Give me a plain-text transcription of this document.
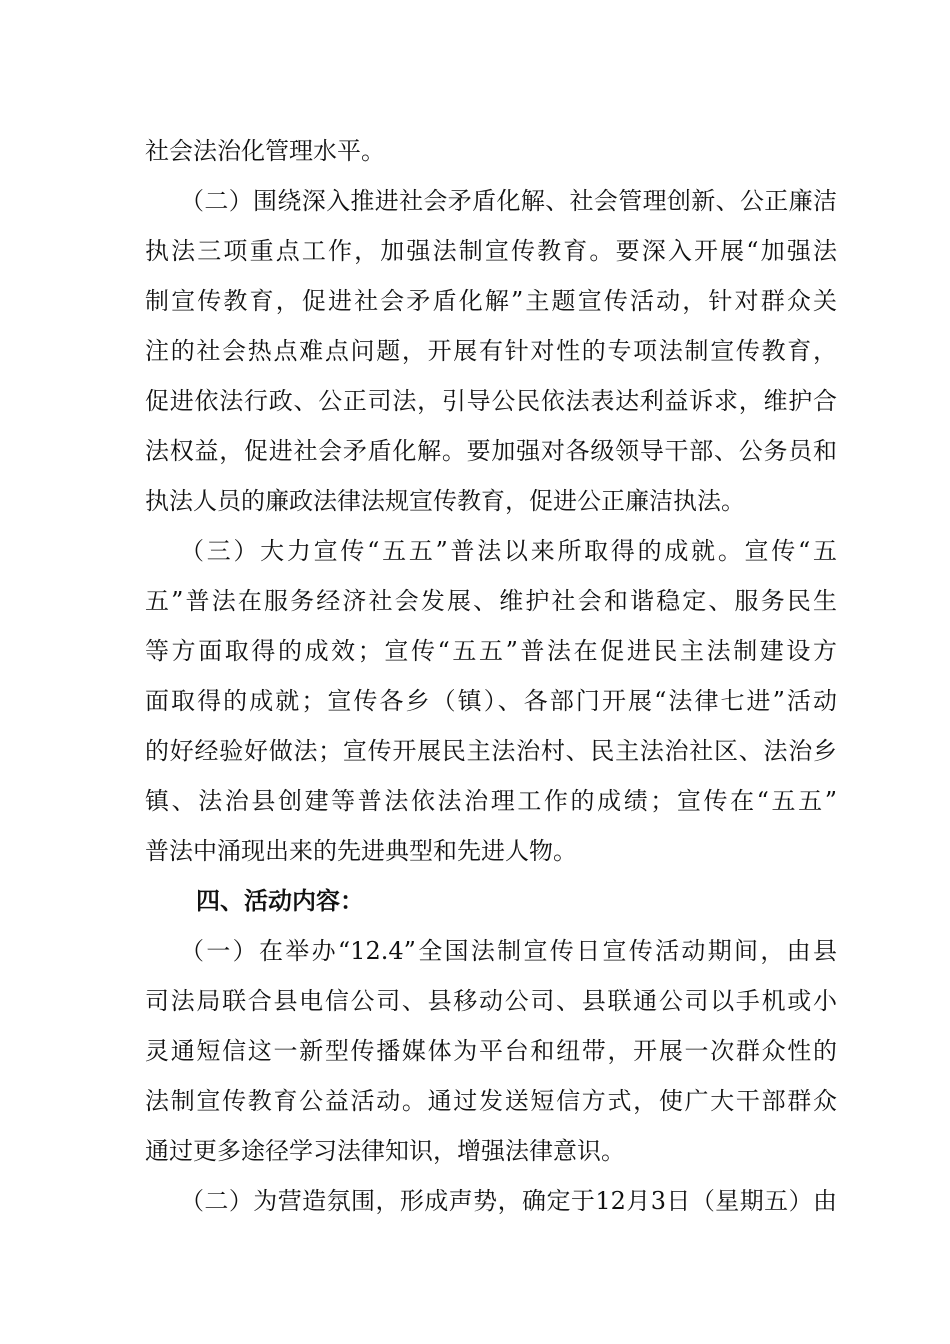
社会法治化管理水平。

（二）围绕深入推进社会矛盾化解、社会管理创新、公正廉洁

执法三项重点工作，加强法制宣传教育。要深入开展“加强法

制宣传教育，促进社会矛盾化解”主题宣传活动，针对群众关

注的社会热点难点问题，开展有针对性的专项法制宣传教育，

促进依法行政、公正司法，引导公民依法表达利益诉求，维护合

法权益，促进社会矛盾化解。要加强对各级领导干部、公务员和

执法人员的廉政法律法规宣传教育，促进公正廉洁执法。

（三）大力宣传“五五”普法以来所取得的成就。宣传“五

五”普法在服务经济社会发展、维护社会和谐稳定、服务民生

等方面取得的成效；宣传“五五”普法在促进民主法制建设方

面取得的成就；宣传各乡（镇）、各部门开展“法律七进”活动

的好经验好做法；宣传开展民主法治村、民主法治社区、法治乡

镇、法治县创建等普法依法治理工作的成绩；宣传在“五五”

普法中涌现出来的先进典型和先进人物。

四、活动内容：

（一）在举办“12.4”全国法制宣传日宣传活动期间，由县

司法局联合县电信公司、县移动公司、县联通公司以手机或小

灵通短信这一新型传播媒体为平台和纽带，开展一次群众性的

法制宣传教育公益活动。通过发送短信方式，使广大干部群众

通过更多途径学习法律知识，增强法律意识。

（二）为营造氛围，形成声势，确定于12月3日（星期五）由
